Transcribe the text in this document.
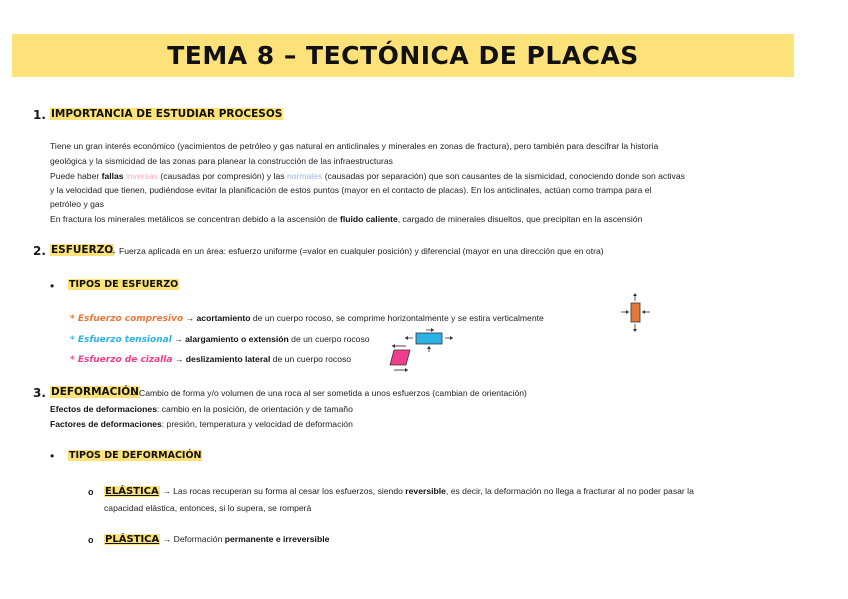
TEMA 8 – TECTÓNICA DE PLACAS
1. IMPORTANCIA DE ESTUDIAR PROCESOS
Tiene un gran interés económico (yacimientos de petróleo y gas natural en anticlinales y minerales en zonas de fractura), pero también para descifrar la historia
geológica y la sismicidad de las zonas para planear la construcción de las infraestructuras
Puede haber fallas inversas (causadas por compresión) y las normales (causadas por separación) que son causantes de la sismicidad, conociendo donde son activas
y la velocidad que tienen, pudiéndose evitar la planificación de estos puntos (mayor en el contacto de placas). En los anticlinales, actúan como trampa para el
petróleo y gas
En fractura los minerales metálicos se concentran debido a la ascensión de fluido caliente, cargado de minerales disueltos, que precipitan en la ascensión
2. ESFUERZO
→ Fuerza aplicada en un área: esfuerzo uniforme (=valor en cualquier posición) y diferencial (mayor en una dirección que en otra)
• TIPOS DE ESFUERZO
* Esfuerzo compresivo → acortamiento de un cuerpo rocoso, se comprime horizontalmente y se estira verticalmente
* Esfuerzo tensional → alargamiento o extensión de un cuerpo rocoso
* Esfuerzo de cizalla → deslizamiento lateral de un cuerpo rocoso
3. DEFORMACIÓN
→ Cambio de forma y/o volumen de una roca al ser sometida a unos esfuerzos (cambian de orientación)
Efectos de deformaciones: cambio en la posición, de orientación y de tamaño
Factores de deformaciones: presión, temperatura y velocidad de deformación
• TIPOS DE DEFORMACIÓN
o ELÁSTICA → Las rocas recuperan su forma al cesar los esfuerzos, siendo reversible, es decir, la deformación no llega a fracturar al no poder pasar la
capacidad elástica, entonces, si lo supera, se romperá
o PLÁSTICA → Deformación permanente e irreversible
